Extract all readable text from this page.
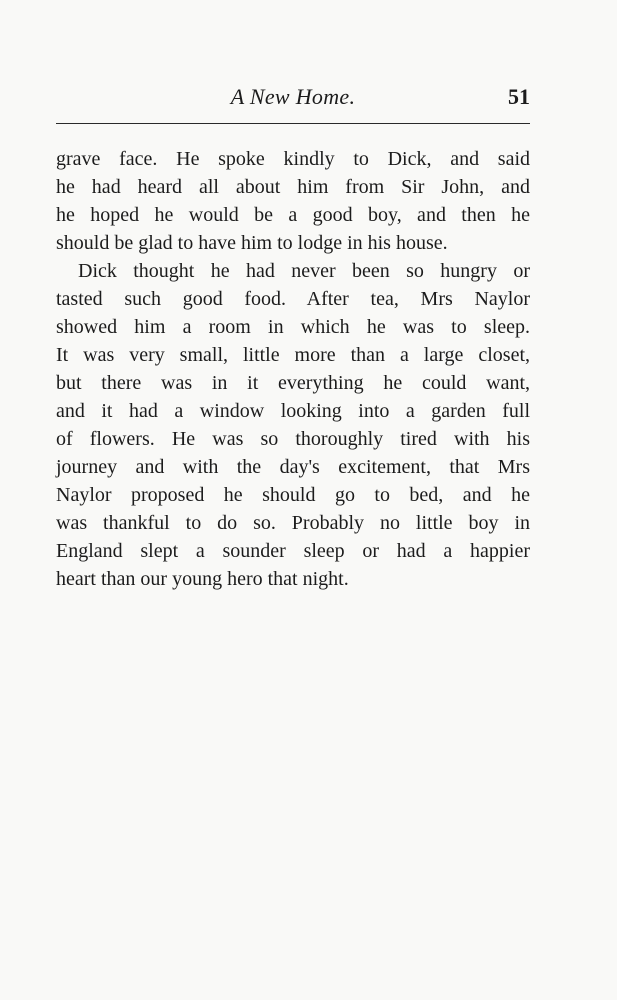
A New Home.	51
grave face. He spoke kindly to Dick, and said
he had heard all about him from Sir John, and
he hoped he would be a good boy, and then he
should be glad to have him to lodge in his house.
Dick thought he had never been so hungry or
tasted such good food. After tea, Mrs Naylor
showed him a room in which he was to sleep.
It was very small, little more than a large closet,
but there was in it everything he could want,
and it had a window looking into a garden full
of flowers. He was so thoroughly tired with his
journey and with the day's excitement, that Mrs
Naylor proposed he should go to bed, and he
was thankful to do so. Probably no little boy in
England slept a sounder sleep or had a happier
heart than our young hero that night.
